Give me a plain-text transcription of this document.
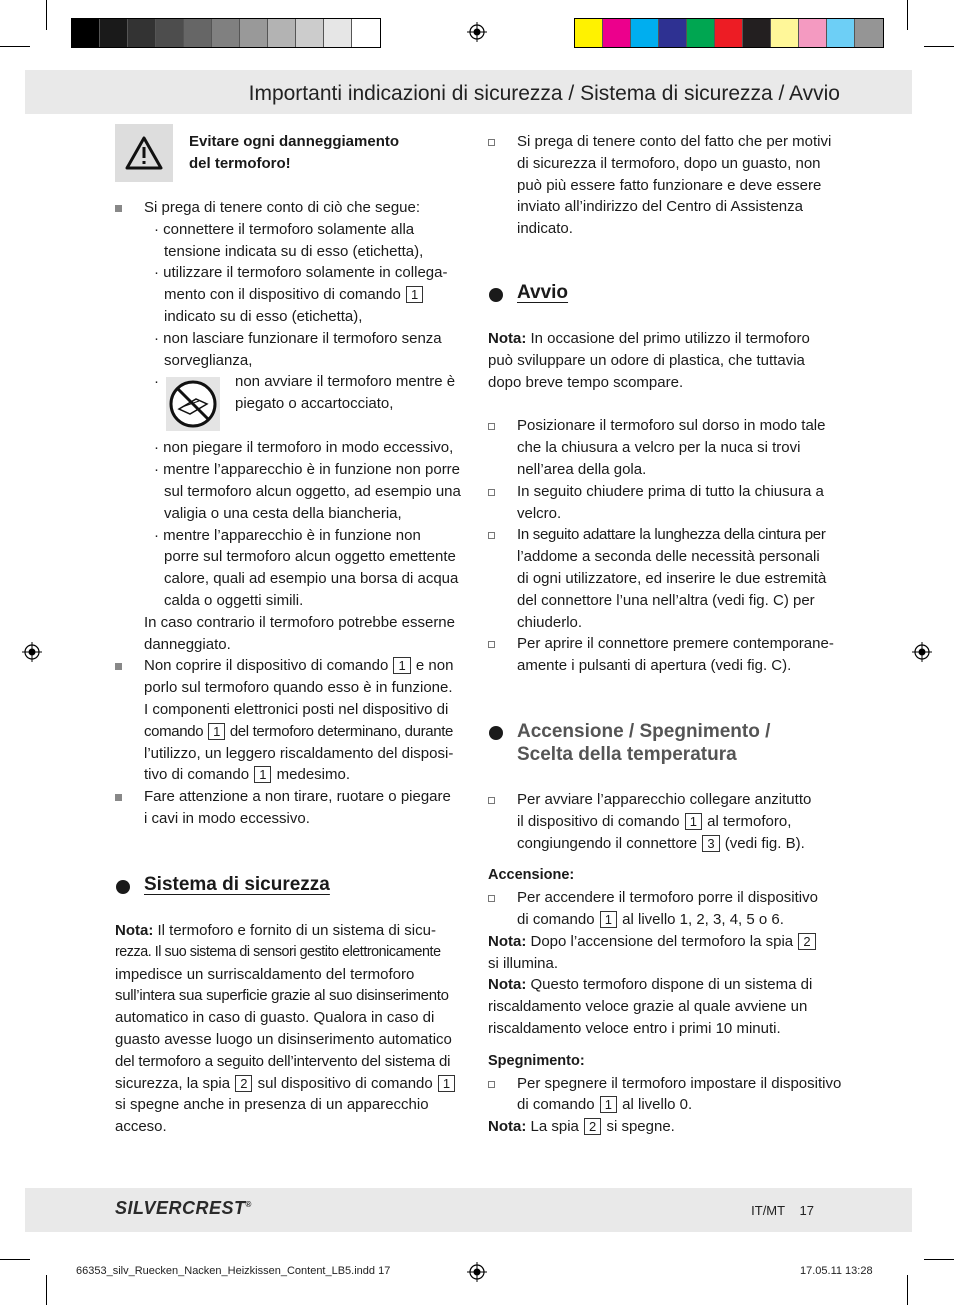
Importanti indicazioni di sicurezza / Sistema di sicurezza / Avvio

Evitare ogni danneggiamento

del termoforo!

Si prega di tenere conto di ciò che segue:

· connettere il termoforo solamente alla

tensione indicata su di esso (etichetta),

· utilizzare il termoforo solamente in collega-

mento con il dispositivo di comando 1

indicato su di esso (etichetta),

· non lasciare funzionare il termoforo senza

sorveglianza,

·	non avviare il termoforo mentre è

piegato o accartocciato,

· non piegare il termoforo in modo eccessivo,

· mentre l’apparecchio è in funzione non porre

sul termoforo alcun oggetto, ad esempio una

valigia o una cesta della biancheria,

· mentre l’apparecchio è in funzione non

porre sul termoforo alcun oggetto emettente

calore, quali ad esempio una borsa di acqua

calda o oggetti simili.

In caso contrario il termoforo potrebbe esserne

danneggiato.

Non coprire il dispositivo di comando 1 e non

porlo sul termoforo quando esso è in funzione.

I componenti elettronici posti nel dispositivo di

comando 1 del termoforo determinano, durante

l’utilizzo, un leggero riscaldamento del disposi-

tivo di comando 1 medesimo.

Fare attenzione a non tirare, ruotare o piegare

i cavi in modo eccessivo.

Sistema di sicurezza

Nota: Il termoforo e fornito di un sistema di sicu-

rezza. Il suo sistema di sensori gestito elettronicamente

impedisce un surriscaldamento del termoforo

sull’intera sua superficie grazie al suo disinserimento

automatico in caso di guasto. Qualora in caso di

guasto avesse luogo un disinserimento automatico

del termoforo a seguito dell’intervento del sistema di

sicurezza, la spia 2 sul dispositivo di comando 1

si spegne anche in presenza di un apparecchio

acceso.

Si prega di tenere conto del fatto che per motivi

di sicurezza il termoforo, dopo un guasto, non

può più essere fatto funzionare e deve essere

inviato all’indirizzo del Centro di Assistenza

indicato.

Avvio

Nota: In occasione del primo utilizzo il termoforo

può sviluppare un odore di plastica, che tuttavia

dopo breve tempo scompare.

Posizionare il termoforo sul dorso in modo tale

che la chiusura a velcro per la nuca si trovi

nell’area della gola.

In seguito chiudere prima di tutto la chiusura a

velcro.

In seguito adattare la lunghezza della cintura per

l’addome a seconda delle necessità personali

di ogni utilizzatore, ed inserire le due estremità

del connettore l’una nell’altra (vedi fig. C) per

chiuderlo.

Per aprire il connettore premere contemporane-

amente i pulsanti di apertura (vedi fig. C).

Accensione / Spegnimento /
Scelta della temperatura

Per avviare l’apparecchio collegare anzitutto

il dispositivo di comando 1 al termoforo,

congiungendo il connettore 3 (vedi fig. B).

Accensione:

Per accendere il termoforo porre il dispositivo

di comando 1 al livello 1, 2, 3, 4, 5 o 6.

Nota: Dopo l’accensione del termoforo la spia 2

si illumina.

Nota: Questo termoforo dispone di un sistema di

riscaldamento veloce grazie al quale avviene un

riscaldamento veloce entro i primi 10 minuti.

Spegnimento:

Per spegnere il termoforo impostare il dispositivo

di comando 1 al livello 0.

Nota: La spia 2 si spegne.

SILVERCREST®	IT/MT 17
66353_silv_Ruecken_Nacken_Heizkissen_Content_LB5.indd 17	17.05.11 13:28
